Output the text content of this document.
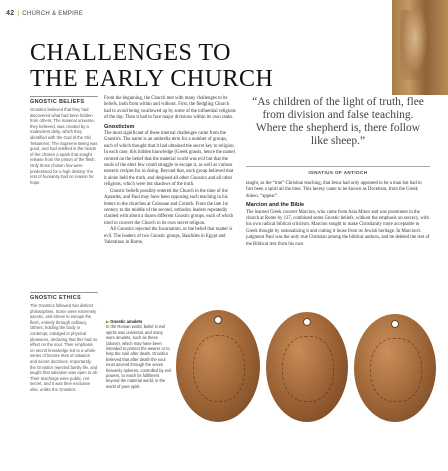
42 | CHURCH & EMPIRE
CHALLENGES TO
THE EARLY CHURCH
GNOSTIC BELIEFS
Gnostics believed that they had discovered what had been hidden from others. The material universe, they believed, was created by a malevolent deity, which they identified with the God of the Old Testament. The Supreme Being was good, and had instilled in the hearts of the chosen a spark that sought release from the prison of the flesh. Only those chosen few were predestined for a high destiny: the rest of humanity had no reason for hope.
GNOSTIC ETHICS
The Gnostics followed two distinct philosophies. Some were extremely ascetic, and strove to escape the flesh, entirely through celibacy. Others, holding the body in contempt, indulged in physical pleasures, declaring that this had no effect on the soul. Their emphasis on secret knowledge led to a whole series of bizarre rites of initiation and secret doctrines. Importantly, the Gnostics rejected family life, and taught that salvation was open to all. Their teachings were public, not secret, and it was their exclusive elite, unlike the Gnostics.

From the beginning, the Church met with many challenges to its beliefs, both from within and without. First, the fledgling Church had to avoid being swallowed up by some of the influential religions of the day. Then it had to face major divisions within its own ranks.

Gnosticism

The most significant of these internal challenges came from the Gnostics. The name is an umbrella term for a number of groups, each of which thought that it had obtained the secret key to religion. In each case, this hidden knowledge (Greek gnosis, hence the name) centred on the belief that the material world was evil but that the souls of the elect few could struggle to escape it, as well as various esoteric recipes for so doing. Beyond that, each group believed that it alone held the truth, and despised all other Gnostics and all other religions, which were but shadows of the truth.

Gnostic beliefs possibly entered the Church in the time of the Apostles, and Paul may have been opposing such teaching in his letters to the churches at Colossae and Corinth. From the late 1st century to the middle of the second, orthodox leaders repeatedly clashed with about a dozen different Gnostic groups, each of which tried to convert the Church to its own secret religion.

All Gnostics rejected the Incarnation, or the belief that matter is evil. The leaders of two Gnostic groups, Basilides in Egypt and Valentinus in Rome,

“As children of the light of truth, flee from division and false teaching. Where the shepherd is, there follow like sheep.”
IGNATIUS OF ANTIOCH

taught, as the “true” Christian teaching, that Jesus had only appeared to be a man but had in fact been a spirit all the time. This heresy came to be known as Docetism, from the Greek dokeo, “appear”.

Marcion and the Bible

The learned Greek convert Marcion, who came from Asia Minor and was prominent in the church at Rome by 137, combined some Gnostic beliefs, without the emphasis on secrecy, with his own radical biblical criticism. Marcion sought to make Christianity more acceptable to Greek thought by rationalizing it and cutting it loose from its Jewish heritage. In Marcion's judgment Paul was the only true Christian among the biblical authors, and he deleted the rest of the Biblical text from his own

▶ Gnostic amulets
In the Roman world, belief in evil spirits was universal, and many wore amulets, such as these (above), which may have been intended to protect the wearer or to help the soul after death. Gnostics believed that after death the soul must ascend through the seven heavenly spheres, controlled by evil powers, to reach its fulfilment beyond the material world, in the world of pure spirit.
